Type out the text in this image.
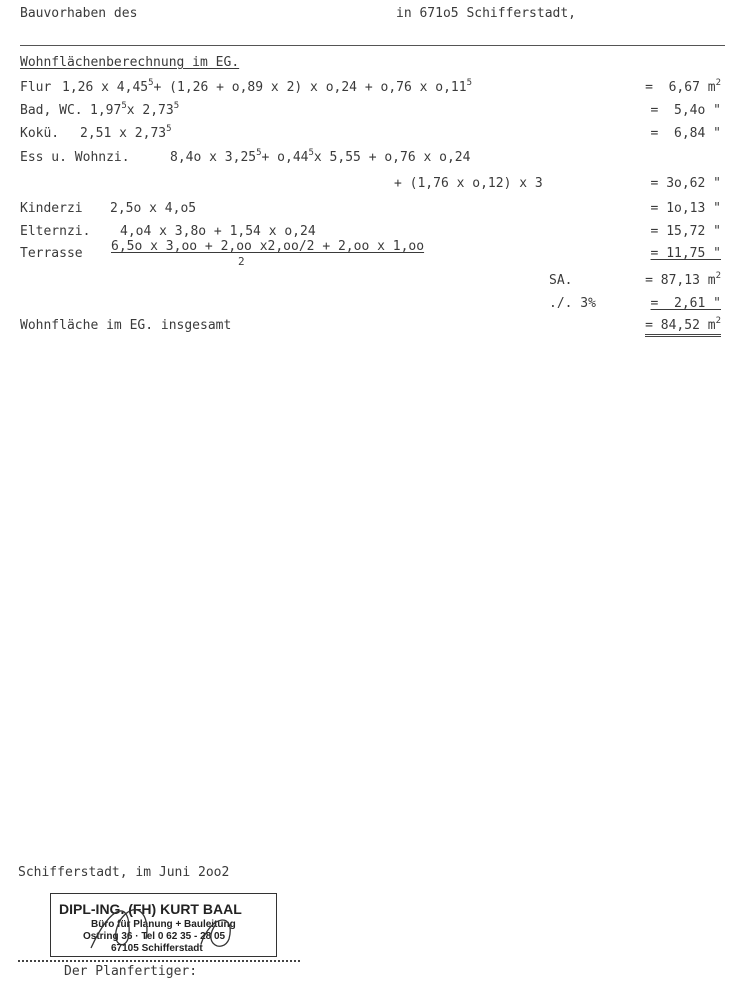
Bauvorhaben des	in 671o5 Schifferstadt,
Wohnflächenberechnung im EG.
Flur 1,26 x $4,45^5+ (1,26 + o,89$ x 2) x o,24 + o,76 x $o,11^5$	=  6,67 $m^2$
Bad, WC. 1,97$^5$x $2,73^5$	=  5,4o "
Kokü. 2,51 x $2,73^5$	=  6,84 "
Ess u. Wohnzi.	8,4o x $3,25^5+ o,44^5x$ 5,55 + o,76 x o,24
+ (1,76 x o,12) x 3	= 3o,62 "
Kinderzi 2,5o x 4,o5	= 1o,13 "
Elternzi. 4,o4 x 3,8o + 1,54 x o,24	= 15,72 "
Terrasse 6,5o x 3,oo + 2,oo x2,oo/2 + 2,oo x 1,oo
2
= 11,75 "
SA.	= 87,13 $m^2$
./. 3%	=  2,61 "
Wohnfläche im EG. insgesamt	= 84,52 $m^2$
Schifferstadt, im Juni 2oo2
DIPL-ING. (FH) KURT BAAL
Büro für Planung + Bauleitung
Ostring 36 · Tel 0 62 35 - 28 05
67105 Schifferstadt
Der Planfertiger:
